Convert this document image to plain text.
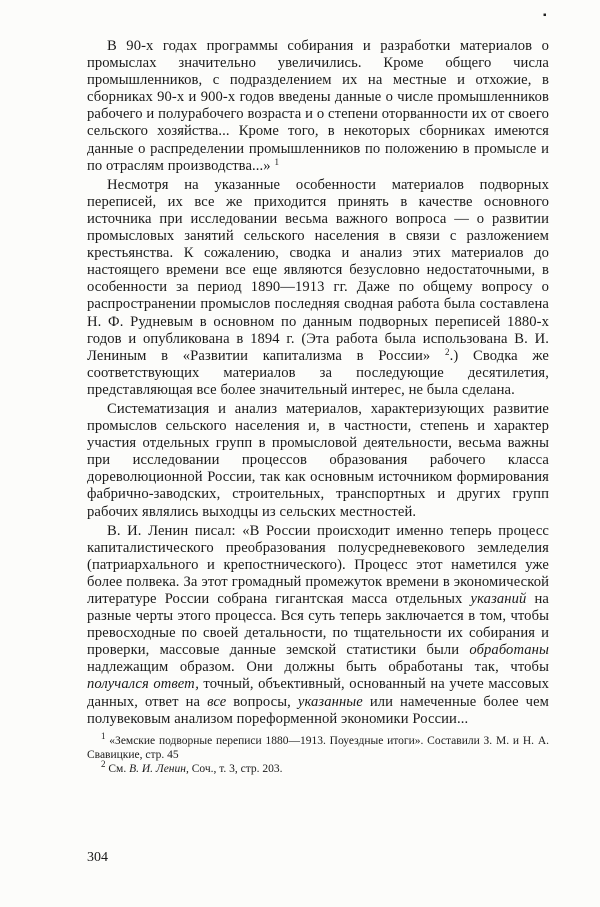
В 90-х годах программы собирания и разработки материалов о промыслах значительно увеличились. Кроме общего числа промышленников, с подразделением их на местные и отхожие, в сборниках 90-х и 900-х годов введены данные о числе промышленников рабочего и полурабочего возраста и о степени оторванности их от своего сельского хозяйства... Кроме того, в некоторых сборниках имеются данные о распределении промышленников по положению в промысле и по отраслям производства...» $^1$

Несмотря на указанные особенности материалов подворных переписей, их все же приходится принять в качестве основного источника при исследовании весьма важного вопроса — о развитии промысловых занятий сельского населения в связи с разложением крестьянства. К сожалению, сводка и анализ этих материалов до настоящего времени все еще являются безусловно недостаточными, в особенности за период 1890—1913 гг. Даже по общему вопросу о распространении промыслов последняя сводная работа была составлена Н. Ф. Рудневым в основном по данным подворных переписей 1880-х годов и опубликована в 1894 г. (Эта работа была использована В. И. Лениным в «Развитии капитализма в России» $^2$.) Сводка же соответствующих материалов за последующие десятилетия, представляющая все более значительный интерес, не была сделана.

Систематизация и анализ материалов, характеризующих развитие промыслов сельского населения и, в частности, степень и характер участия отдельных групп в промысловой деятельности, весьма важны при исследовании процессов образования рабочего класса дореволюционной России, так как основным источником формирования фабрично-заводских, строительных, транспортных и других групп рабочих являлись выходцы из сельских местностей.

В. И. Ленин писал: «В России происходит именно теперь процесс капиталистического преобразования полусредневекового земледелия (патриархального и крепостнического). Процесс этот наметился уже более полвека. За этот громадный промежуток времени в экономической литературе России собрана гигантская масса отдельных указаний на разные черты этого процесса. Вся суть теперь заключается в том, чтобы превосходные по своей детальности, по тщательности их собирания и проверки, массовые данные земской статистики были обработаны надлежащим образом. Они должны быть обработаны так, чтобы получался ответ, точный, объективный, основанный на учете массовых данных, ответ на все вопросы, указанные или намеченные более чем полувековым анализом пореформенной экономики России...

$^1$ «Земские подворные переписи 1880—1913. Поуездные итоги». Составили З. М. и Н. А. Свавицкие, стр. 45

$^2$ См. В. И. Ленин, Соч., т. 3, стр. 203.

304
▪
